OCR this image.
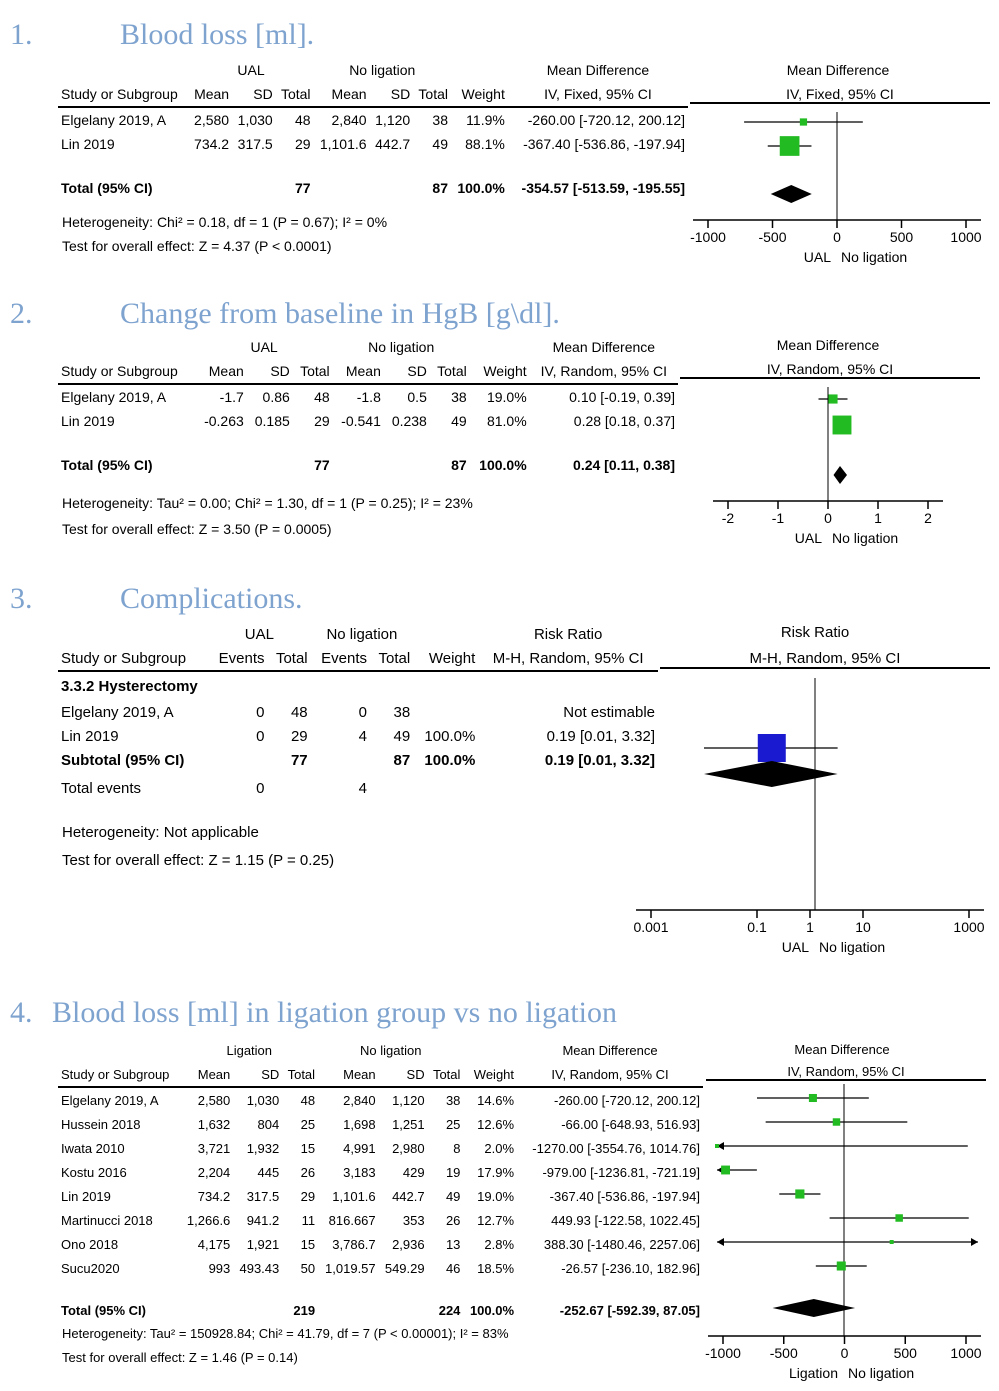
1.	Blood loss [ml].
	UAL			No ligation				Mean Difference
Study or Subgroup	Mean	SD	Total	Mean	SD	Total	Weight	IV, Fixed, 95% CI
Elgelany 2019, A	2,580	1,030	48	2,840	1,120	38	11.9%	-260.00 [-720.12, 200.12]
Lin 2019	734.2	317.5	29	1,101.6	442.7	49	88.1%	-367.40 [-536.86, -197.94]

Total (95% CI)			77			87	100.0%	-354.57 [-513.59, -195.55]
Heterogeneity: Chi² = 0.18, df = 1 (P = 0.67); I² = 0%
Test for overall effect: Z = 4.37 (P < 0.0001)
Mean Difference
IV, Fixed, 95% CI
-1000 -500	0	500	1000
UAL No ligation
2.	Change from baseline in HgB [g\dl].
	UAL			No ligation				Mean Difference
Study or Subgroup	Mean	SD	Total	Mean	SD	Total	Weight	IV, Random, 95% CI
Elgelany 2019, A	-1.7	0.86	48	-1.8	0.5	38	19.0%	0.10 [-0.19, 0.39]
Lin 2019	-0.263	0.185	29	-0.541	0.238	49	81.0%	0.28 [0.18, 0.37]

Total (95% CI)			77			87	100.0%	0.24 [0.11, 0.38]
Heterogeneity: Tau² = 0.00; Chi² = 1.30, df = 1 (P = 0.25); I² = 23%
Test for overall effect: Z = 3.50 (P = 0.0005)
Mean Difference
IV, Random, 95% CI
-2	-1	0	1	2
UAL No ligation
3.	Complications.
	UAL		No ligation			Risk Ratio
Study or Subgroup	Events	Total	Events	Total	Weight	M-H, Random, 95% CI
3.3.2 Hysterectomy						
Elgelany 2019, A	0	48	0	38		Not estimable
Lin 2019	0	29	4	49	100.0%	0.19 [0.01, 3.32]
Subtotal (95% CI)		77		87	100.0%	0.19 [0.01, 3.32]
Total events	0		4			
Heterogeneity: Not applicable
Test for overall effect: Z = 1.15 (P = 0.25)
Risk Ratio
M-H, Random, 95% CI
0.001	0.1	1	10	1000
UAL No ligation
4. Blood loss [ml] in ligation group vs no ligation
	Ligation			No ligation				Mean Difference
Study or Subgroup	Mean	SD	Total	Mean	SD	Total	Weight	IV, Random, 95% CI
Elgelany 2019, A	2,580	1,030	48	2,840	1,120	38	14.6%	-260.00 [-720.12, 200.12]
Hussein 2018	1,632	804	25	1,698	1,251	25	12.6%	-66.00 [-648.93, 516.93]
Iwata 2010	3,721	1,932	15	4,991	2,980	8	2.0%	-1270.00 [-3554.76, 1014.76]
Kostu 2016	2,204	445	26	3,183	429	19	17.9%	-979.00 [-1236.81, -721.19]
Lin 2019	734.2	317.5	29	1,101.6	442.7	49	19.0%	-367.40 [-536.86, -197.94]
Martinucci 2018	1,266.6	941.2	11	816.667	353	26	12.7%	449.93 [-122.58, 1022.45]
Ono 2018	4,175	1,921	15	3,786.7	2,936	13	2.8%	388.30 [-1480.46, 2257.06]
Sucu2020	993	493.43	50	1,019.57	549.29	46	18.5%	-26.57 [-236.10, 182.96]

Total (95% CI)			219			224	100.0%	-252.67 [-592.39, 87.05]
Heterogeneity: Tau² = 150928.84; Chi² = 41.79, df = 7 (P < 0.00001); I² = 83%
Test for overall effect: Z = 1.46 (P = 0.14)
Mean Difference
IV, Random, 95% CI
-1000 -500	0	500 1000
Ligation No ligation
